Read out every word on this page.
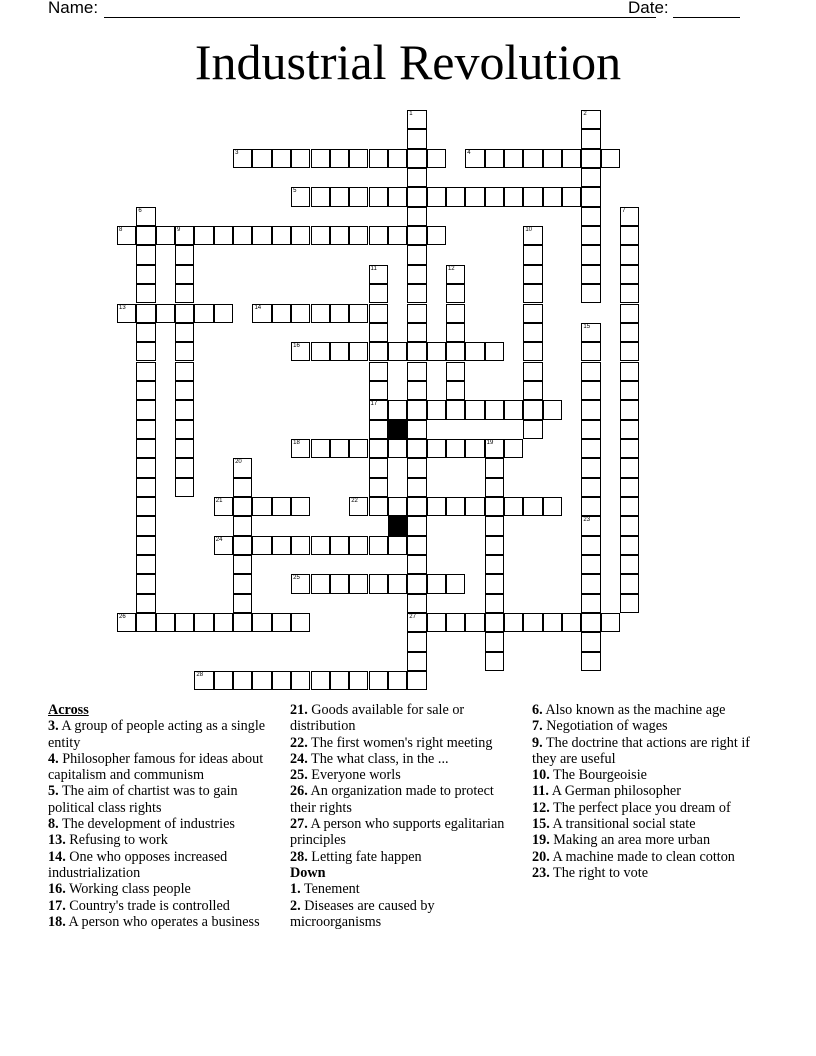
Name:	Date:
Industrial Revolution
1
27
2
3	4
5
6	7
8	9	10
11
17
12
13	14
15
23
16
18	19
20
21	22
24
25
26
28
Across
3. A group of people acting as a single entity
4. Philosopher famous for ideas about capitalism and communism
5. The aim of chartist was to gain political class rights
8. The development of industries
13. Refusing to work
14. One who opposes increased industrialization
16. Working class people
17. Country's trade is controlled
18. A person who operates a business
21. Goods available for sale or distribution
22. The first women's right meeting
24. The what class, in the ...
25. Everyone worls
26. An organization made to protect their rights
27. A person who supports egalitarian principles
28. Letting fate happen
Down
1. Tenement
2. Diseases are caused by microorganisms
6. Also known as the machine age
7. Negotiation of wages
9. The doctrine that actions are right if they are useful
10. The Bourgeoisie
11. A German philosopher
12. The perfect place you dream of
15. A transitional social state
19. Making an area more urban
20. A machine made to clean cotton
23. The right to vote
